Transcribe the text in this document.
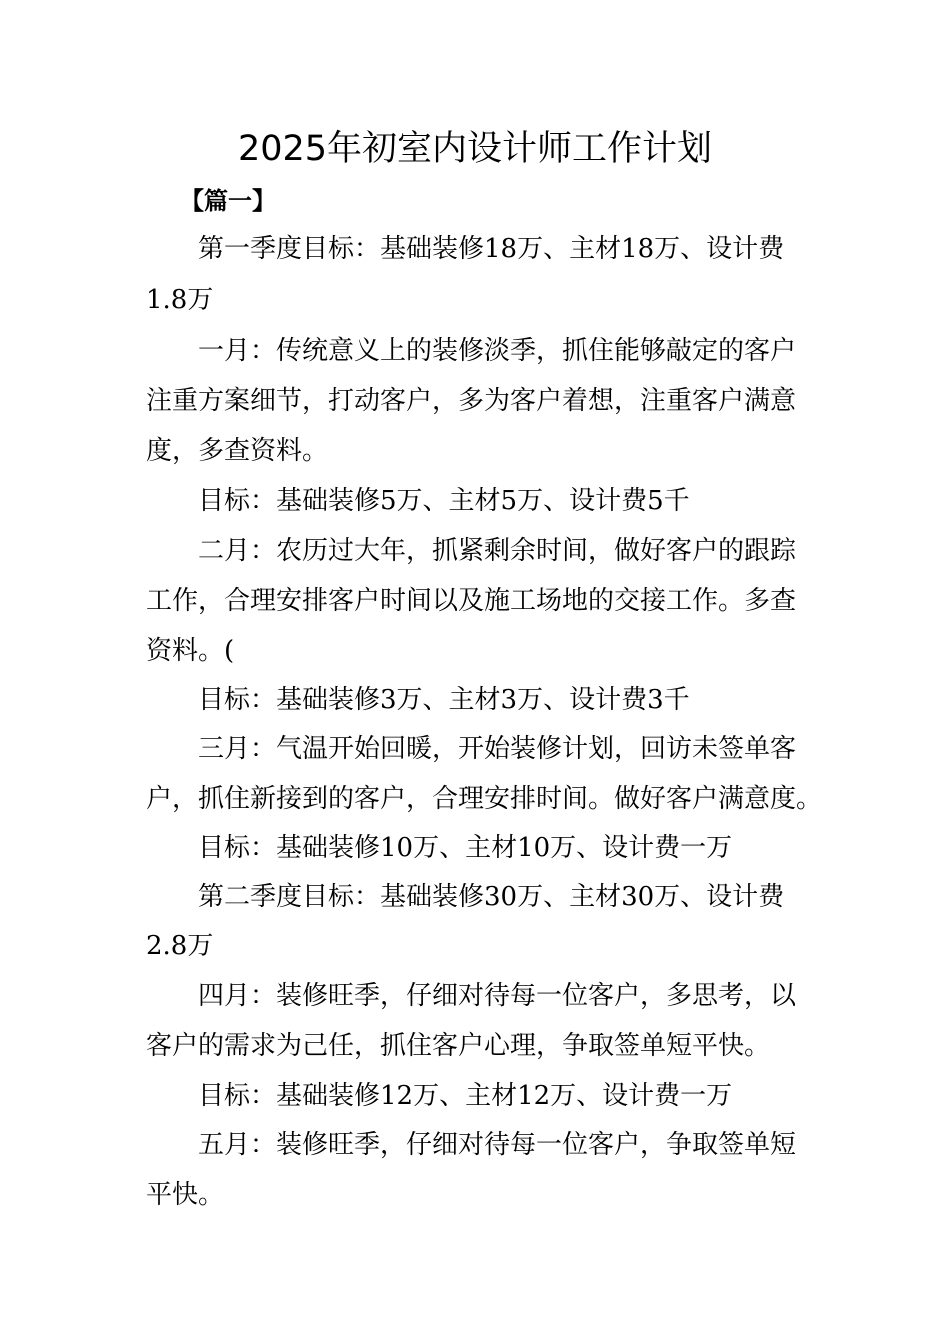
2025年初室内设计师工作计划
【篇一】

第一季度目标：基础装修18万、主材18万、设计费

1.8万

一月：传统意义上的装修淡季，抓住能够敲定的客户

注重方案细节，打动客户，多为客户着想，注重客户满意

度，多查资料。

目标：基础装修5万、主材5万、设计费5千

二月：农历过大年，抓紧剩余时间，做好客户的跟踪

工作，合理安排客户时间以及施工场地的交接工作。多查

资料。(

目标：基础装修3万、主材3万、设计费3千

三月：气温开始回暖，开始装修计划，回访未签单客

户，抓住新接到的客户，合理安排时间。做好客户满意度。

目标：基础装修10万、主材10万、设计费一万

第二季度目标：基础装修30万、主材30万、设计费

2.8万

四月：装修旺季，仔细对待每一位客户，多思考，以

客户的需求为己任，抓住客户心理，争取签单短平快。

目标：基础装修12万、主材12万、设计费一万

五月：装修旺季，仔细对待每一位客户，争取签单短

平快。
